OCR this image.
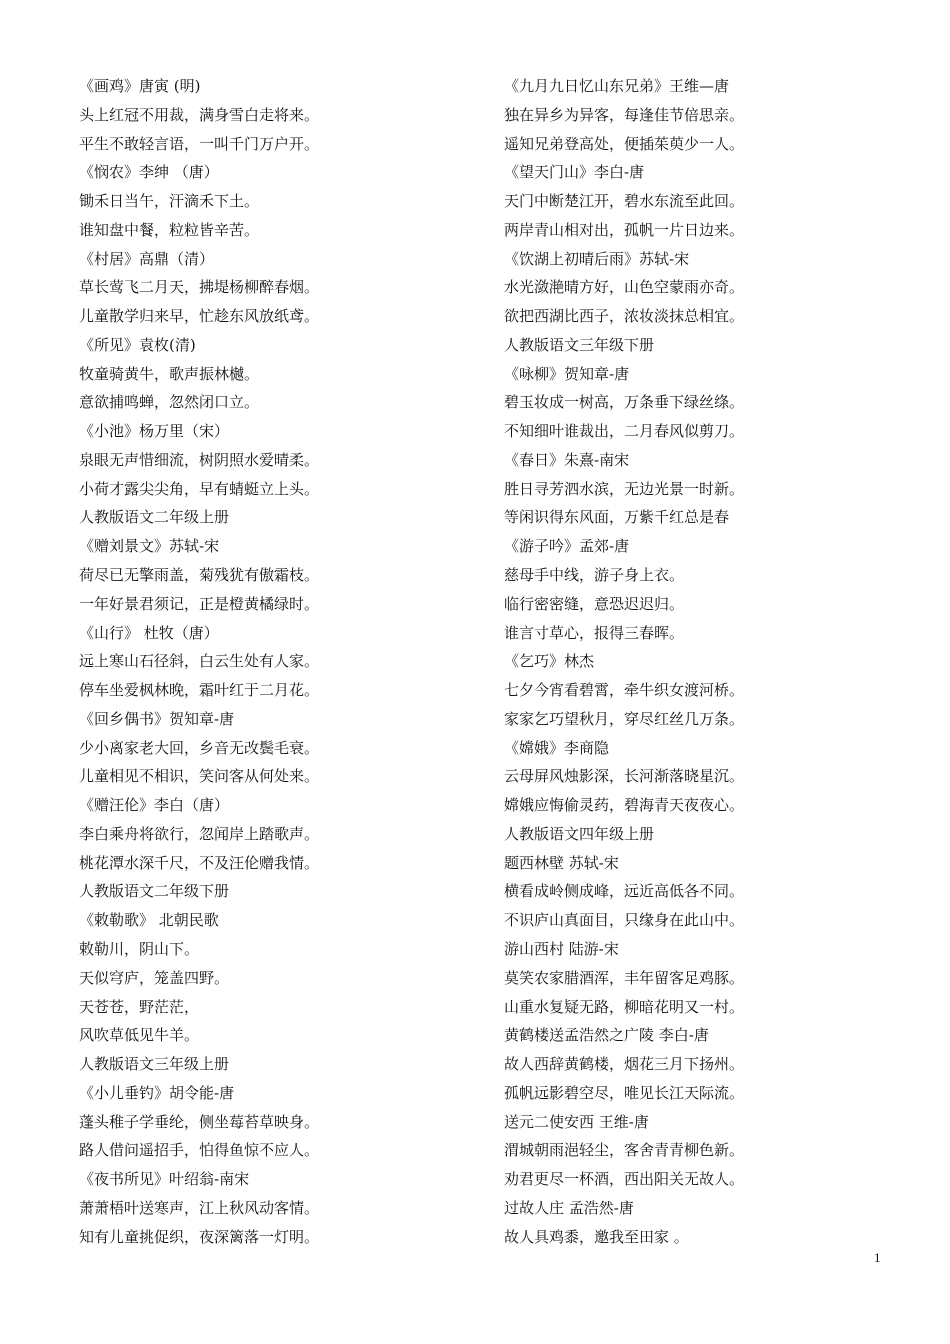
《画鸡》唐寅 (明)
头上红冠不用裁，满身雪白走将来。
平生不敢轻言语，一叫千门万户开。
《悯农》李绅 （唐）
锄禾日当午，汗滴禾下土。
谁知盘中餐，粒粒皆辛苦。
《村居》高鼎（清）
草长莺飞二月天，拂堤杨柳醉春烟。
儿童散学归来早，忙趁东风放纸鸢。
《所见》袁枚(清)
牧童骑黄牛，歌声振林樾。
意欲捕鸣蝉，忽然闭口立。
《小池》杨万里（宋）
泉眼无声惜细流，树阴照水爱晴柔。
小荷才露尖尖角，早有蜻蜓立上头。
人教版语文二年级上册
《赠刘景文》苏轼-宋
荷尽已无擎雨盖，菊残犹有傲霜枝。
一年好景君须记，正是橙黄橘绿时。
《山行》 杜牧（唐）
远上寒山石径斜，白云生处有人家。
停车坐爱枫林晚，霜叶红于二月花。
《回乡偶书》贺知章-唐
少小离家老大回，乡音无改鬓毛衰。
儿童相见不相识，笑问客从何处来。
《赠汪伦》李白（唐）
李白乘舟将欲行，忽闻岸上踏歌声。
桃花潭水深千尺，不及汪伦赠我情。
人教版语文二年级下册
《敕勒歌》 北朝民歌
敕勒川，阴山下。
天似穹庐，笼盖四野。
天苍苍，野茫茫，
风吹草低见牛羊。
人教版语文三年级上册
《小儿垂钓》胡令能-唐
蓬头稚子学垂纶，侧坐莓苔草映身。
路人借问遥招手，怕得鱼惊不应人。
《夜书所见》叶绍翁-南宋
萧萧梧叶送寒声，江上秋风动客情。
知有儿童挑促织，夜深篱落一灯明。
《九月九日忆山东兄弟》王维—唐
独在异乡为异客，每逢佳节倍思亲。
遥知兄弟登高处，便插茱萸少一人。
《望天门山》李白-唐
天门中断楚江开，碧水东流至此回。
两岸青山相对出，孤帆一片日边来。
《饮湖上初晴后雨》苏轼-宋
水光潋滟晴方好，山色空蒙雨亦奇。
欲把西湖比西子，浓妆淡抹总相宜。
人教版语文三年级下册
《咏柳》贺知章-唐
碧玉妆成一树高，万条垂下绿丝绦。
不知细叶谁裁出，二月春风似剪刀。
《春日》朱熹-南宋
胜日寻芳泗水滨，无边光景一时新。
等闲识得东风面，万紫千红总是春
《游子吟》孟郊-唐
慈母手中线，游子身上衣。
临行密密缝，意恐迟迟归。
谁言寸草心，报得三春晖。
《乞巧》林杰
七夕今宵看碧霄，牵牛织女渡河桥。
家家乞巧望秋月，穿尽红丝几万条。
《嫦娥》李商隐
云母屏风烛影深，长河渐落晓星沉。
嫦娥应悔偷灵药，碧海青天夜夜心。
人教版语文四年级上册
题西林壁 苏轼-宋
横看成岭侧成峰，远近高低各不同。
不识庐山真面目，只缘身在此山中。
游山西村 陆游-宋
莫笑农家腊酒浑，丰年留客足鸡豚。
山重水复疑无路，柳暗花明又一村。
黄鹤楼送孟浩然之广陵 李白-唐
故人西辞黄鹤楼，烟花三月下扬州。
孤帆远影碧空尽，唯见长江天际流。
送元二使安西 王维-唐
渭城朝雨浥轻尘，客舍青青柳色新。
劝君更尽一杯酒，西出阳关无故人。
过故人庄 孟浩然-唐
故人具鸡黍，邀我至田家 。
1
